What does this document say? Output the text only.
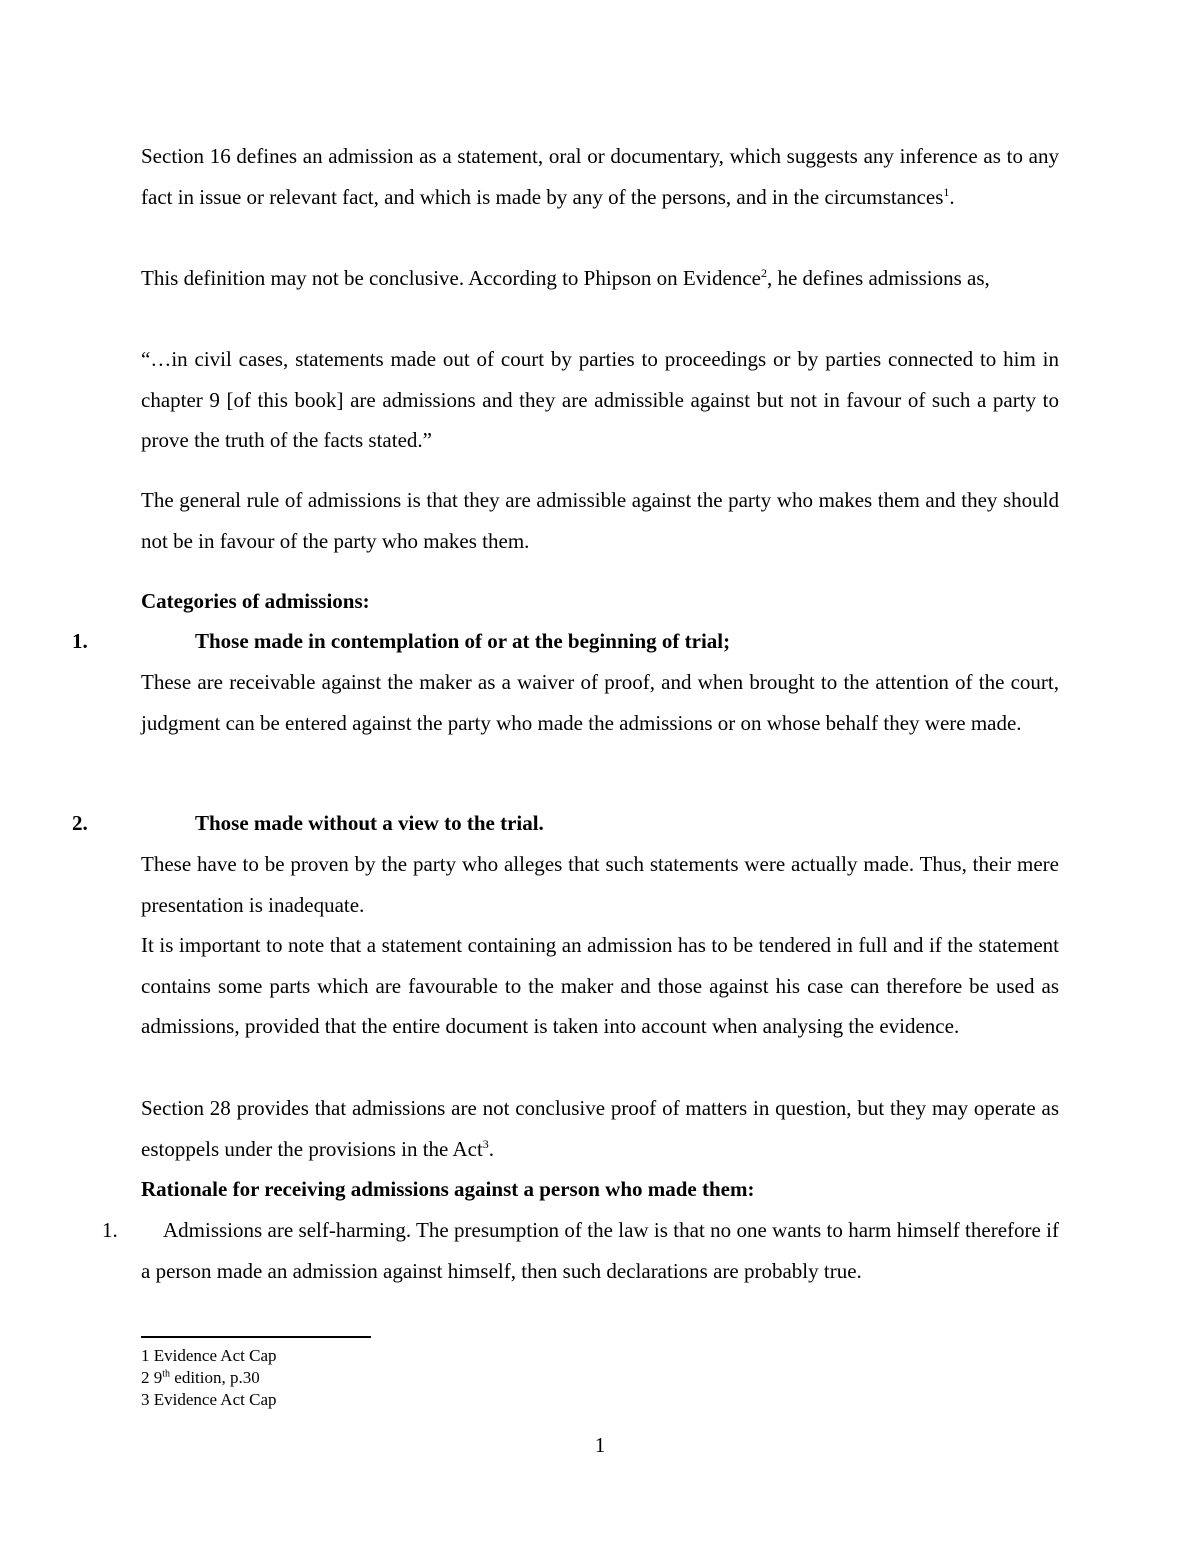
Section 16 defines an admission as a statement, oral or documentary, which suggests any inference as to any fact in issue or relevant fact, and which is made by any of the persons, and in the circumstances$^1$.

This definition may not be conclusive. According to Phipson on Evidence$^2$, he defines admissions as,

“…in civil cases, statements made out of court by parties to proceedings or by parties connected to him in chapter 9 [of this book] are admissions and they are admissible against but not in favour of such a party to prove the truth of the facts stated.”

The general rule of admissions is that they are admissible against the party who makes them and they should not be in favour of the party who makes them.

Categories of admissions:

1.	Those made in contemplation of or at the beginning of trial;

These are receivable against the maker as a waiver of proof, and when brought to the attention of the court, judgment can be entered against the party who made the admissions or on whose behalf they were made.

2.	Those made without a view to the trial.

These have to be proven by the party who alleges that such statements were actually made. Thus, their mere presentation is inadequate.

It is important to note that a statement containing an admission has to be tendered in full and if the statement contains some parts which are favourable to the maker and those against his case can therefore be used as admissions, provided that the entire document is taken into account when analysing the evidence.

Section 28 provides that admissions are not conclusive proof of matters in question, but they may operate as estoppels under the provisions in the Act$^3$.

Rationale for receiving admissions against a person who made them:

1.	Admissions are self-harming. The presumption of the law is that no one wants to harm himself therefore if a person made an admission against himself, then such declarations are probably true.

1 Evidence Act Cap
2 9th edition, p.30
3 Evidence Act Cap
1
